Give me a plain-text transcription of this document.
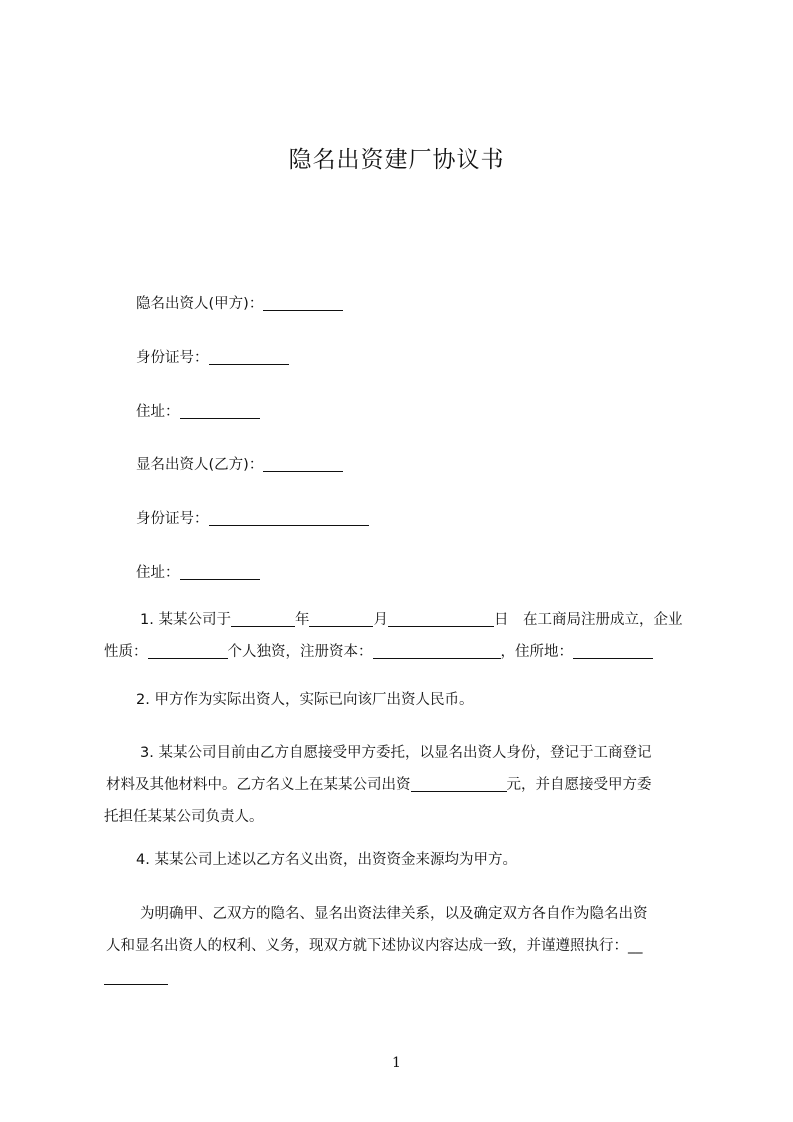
隐名出资建厂协议书
隐名出资人(甲方)：
身份证号：
住址：
显名出资人(乙方)：
身份证号：
住址：
1. 某某公司于	年	月	日　在工商局注册成立，企业
性质：	个人独资，注册资本：	，住所地：
2. 甲方作为实际出资人，实际已向该厂出资人民币。
3. 某某公司目前由乙方自愿接受甲方委托，以显名出资人身份，登记于工商登记
材料及其他材料中。乙方名义上在某某公司出资	元，并自愿接受甲方委
托担任某某公司负责人。
4. 某某公司上述以乙方名义出资，出资资金来源均为甲方。
为明确甲、乙双方的隐名、显名出资法律关系，以及确定双方各自作为隐名出资
人和显名出资人的权利、义务，现双方就下述协议内容达成一致，并谨遵照执行：__
1
